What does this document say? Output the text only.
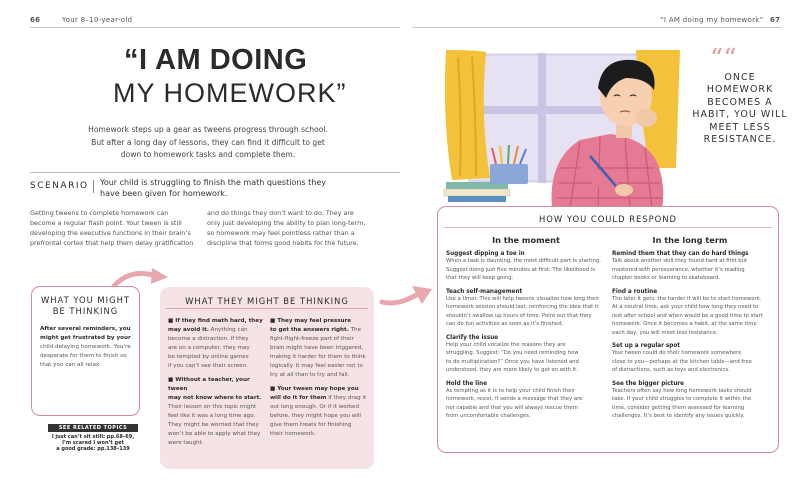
66	Your 8–10-year-old	“I AM doing my homework” 67
“I AM DOING
MY HOMEWORK”
Homework steps up a gear as tweens progress through school.
But after a long day of lessons, they can find it difficult to get
down to homework tasks and complete them.
SCENARIO Your child is struggling to finish the math questions they
have been given for homework.
Getting tweens to complete homework can
become a regular flash point. Your tween is still
developing the executive functions in their brain’s
prefrontal cortex that help them delay gratification
and do things they don’t want to do. They are
only just developing the ability to plan long-term,
so homework may feel pointless rather than a
discipline that forms good habits for the future.
WHAT YOU MIGHT
BE THINKING
After several reminders, you
might get frustrated by your
child delaying homework. You’re
desperate for them to finish so
that you can all relax.
SEE RELATED TOPICS
I just can’t sit still: pp.68–69,
I’m scared I won’t get
a good grade: pp.138–139
WHAT THEY MIGHT BE THINKING
■ If they find math hard, they
may avoid it. Anything can
become a distraction. If they
are on a computer, they may
be tempted by online games
if you can’t see their screen.
■ Without a teacher, your tween
may not know where to start.
Their lesson on this topic might
feel like it was a long time ago.
They might be worried that they
won’t be able to apply what they
were taught.
■ They may feel pressure
to get the answers right. The
fight-flight-freeze part of their
brain might have been triggered,
making it harder for them to think
logically. It may feel easier not to
try at all than to try and fail.
■ Your tween may hope you
will do it for them if they drag it
out long enough. Or if it worked
before, they might hope you will
give them treats for finishing
their homework.
““
ONCE
HOMEWORK
BECOMES A
HABIT, YOU WILL
MEET LESS
RESISTANCE.
HOW YOU COULD RESPOND
In the moment	In the long term
Suggest dipping a toe in
When a task is daunting, the most difficult part is starting.
Suggest doing just five minutes at first. The likelihood is
that they will keep going.
Teach self-management
Use a timer. This will help tweens visualize how long their
homework session should last, reinforcing the idea that it
shouldn’t swallow up hours of time. Point out that they
can do fun activities as soon as it’s finished.
Clarify the issue
Help your child vocalize the reasons they are
struggling. Suggest: “Do you need reminding how
to do multiplication?” Once you have listened and
understood, they are more likely to get on with it.
Hold the line
As tempting as it is to help your child finish their
homework, resist. It sends a message that they are
not capable and that you will always rescue them
from uncomfortable challenges.
Remind them that they can do hard things
Talk about another skill they found hard at first but
mastered with perseverance, whether it’s reading
chapter books or learning to skateboard.
Find a routine
The later it gets, the harder it will be to start homework.
At a neutral time, ask your child how long they need to
rest after school and when would be a good time to start
homework. Once it becomes a habit, at the same time
each day, you will meet less resistance.
Set up a regular spot
Your tween could do their homework somewhere
close to you—perhaps at the kitchen table—and free
of distractions, such as toys and electronics.
See the bigger picture
Teachers often say how long homework tasks should
take. If your child struggles to complete it within the
time, consider getting them assessed for learning
challenges. It’s best to identify any issues quickly.
